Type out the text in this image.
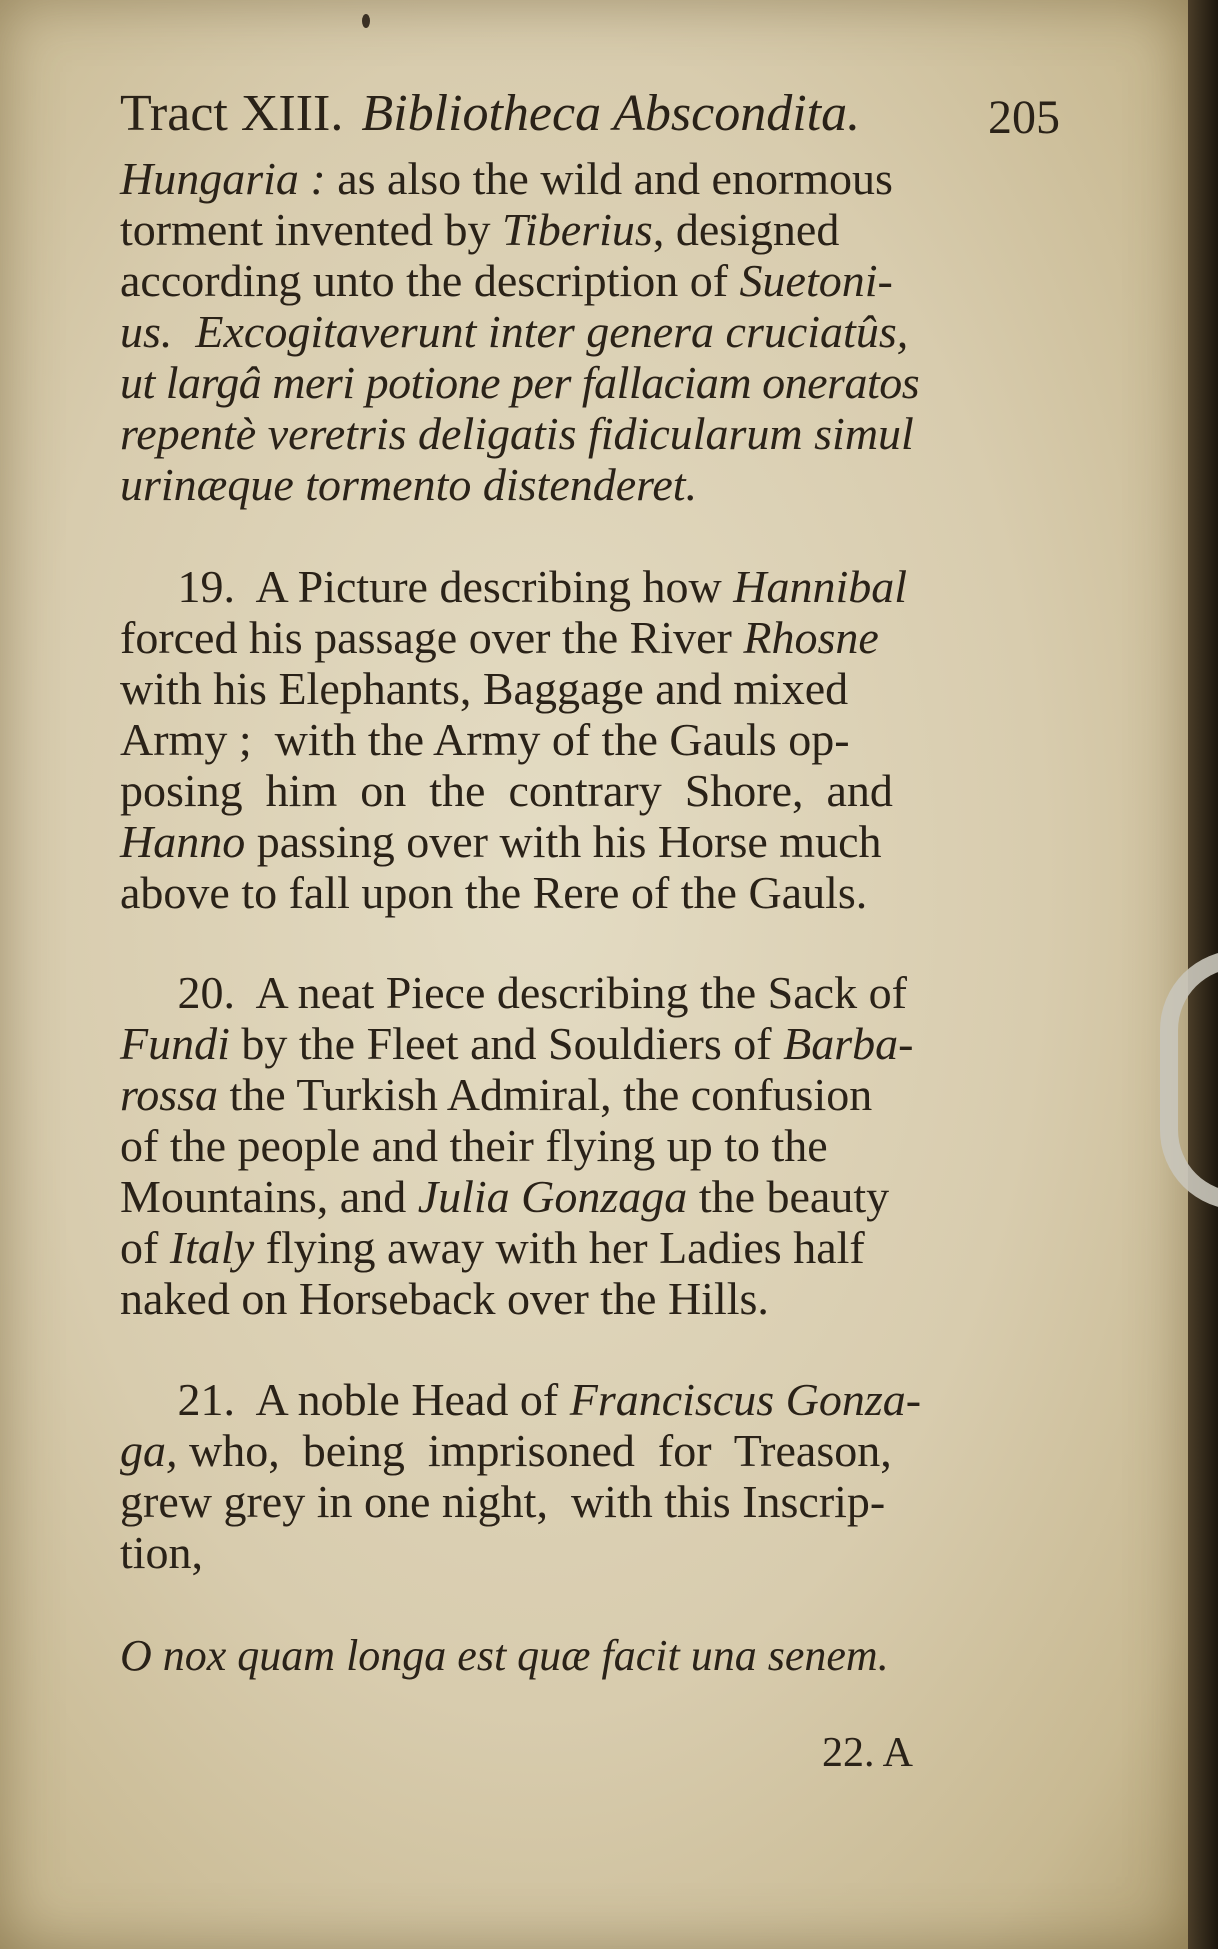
Tract XIII. Bibliotheca Abscondita.	205
Hungaria : as also the wild and enormous
torment invented by Tiberius, designed
according unto the description of Suetoni-
us.  Excogitaverunt inter genera cruciatûs,
ut largâ meri potione per fallaciam oneratos
repentè veretris deligatis fidicularum simul
urinæque tormento distenderet.
19.  A Picture describing how Hannibal
forced his passage over the River Rhosne
with his Elephants, Baggage and mixed
Army ;  with the Army of the Gauls op-
posing  him  on  the  contrary  Shore,  and
Hanno passing over with his Horse much
above to fall upon the Rere of the Gauls.
20.  A neat Piece describing the Sack of
Fundi by the Fleet and Souldiers of Barba-
rossa the Turkish Admiral, the confusion
of the people and their flying up to the
Mountains, and Julia Gonzaga the beauty
of Italy flying away with her Ladies half
naked on Horseback over the Hills.
21.  A noble Head of Franciscus Gonza-
ga, who,  being  imprisoned  for  Treason,
grew grey in one night,  with this Inscrip-
tion,
O nox quam longa est quæ facit una senem.
22. A
